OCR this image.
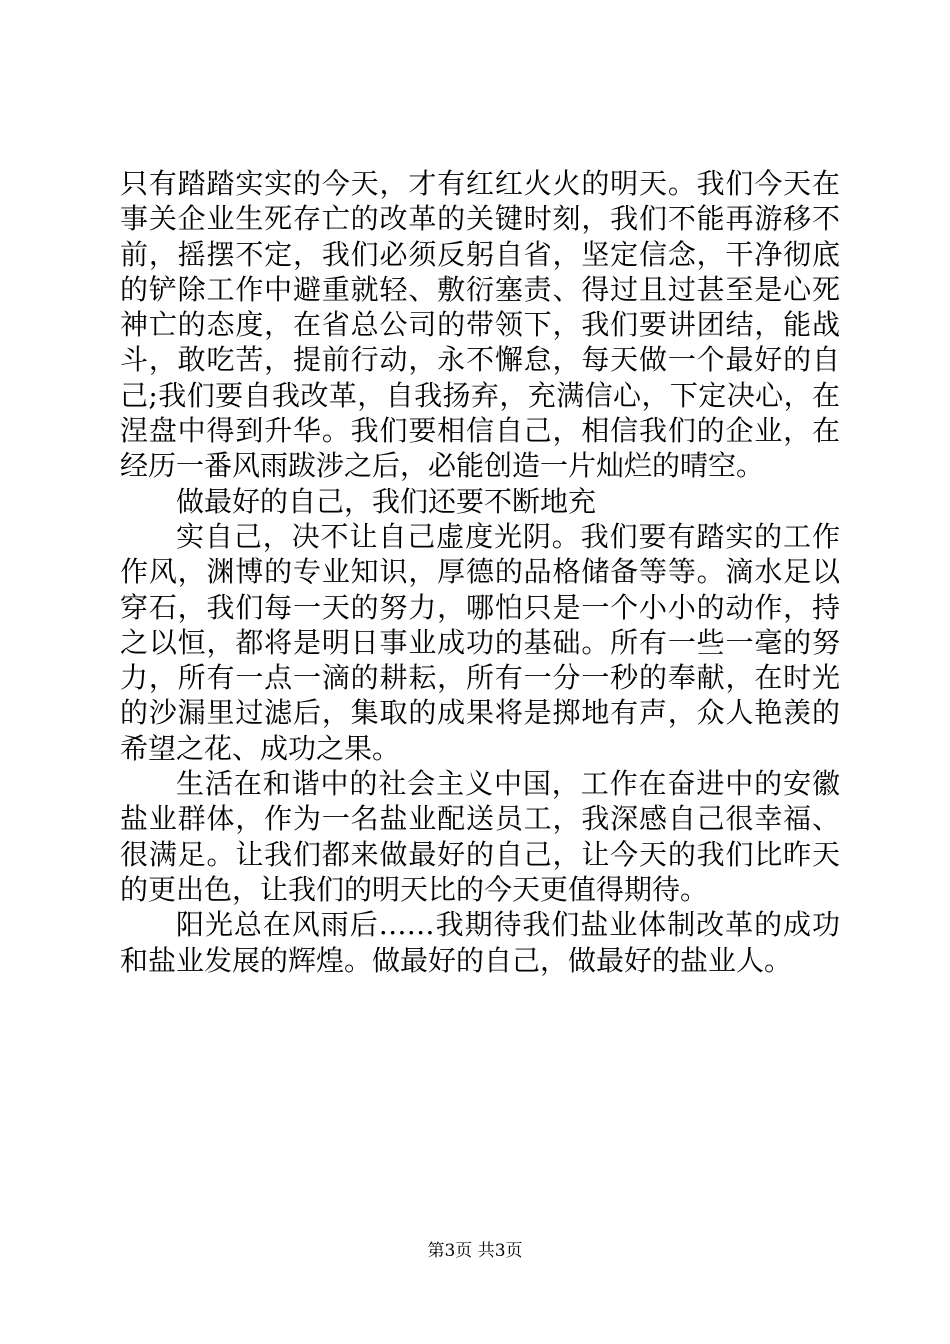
只有踏踏实实的今天，才有红红火火的明天。我们今天在事关企业生死存亡的改革的关键时刻，我们不能再游移不前，摇摆不定，我们必须反躬自省，坚定信念，干净彻底的铲除工作中避重就轻、敷衍塞责、得过且过甚至是心死神亡的态度，在省总公司的带领下，我们要讲团结，能战斗，敢吃苦，提前行动，永不懈怠，每天做一个最好的自己;我们要自我改革，自我扬弃，充满信心，下定决心，在涅盘中得到升华。我们要相信自己，相信我们的企业，在经历一番风雨跋涉之后，必能创造一片灿烂的晴空。

做最好的自己，我们还要不断地充

实自己，决不让自己虚度光阴。我们要有踏实的工作作风，渊博的专业知识，厚德的品格储备等等。滴水足以穿石，我们每一天的努力，哪怕只是一个小小的动作，持之以恒，都将是明日事业成功的基础。所有一些一毫的努力，所有一点一滴的耕耘，所有一分一秒的奉献，在时光的沙漏里过滤后，集取的成果将是掷地有声，众人艳羡的希望之花、成功之果。

生活在和谐中的社会主义中国，工作在奋进中的安徽盐业群体，作为一名盐业配送员工，我深感自己很幸福、很满足。让我们都来做最好的自己，让今天的我们比昨天的更出色，让我们的明天比的今天更值得期待。

阳光总在风雨后……我期待我们盐业体制改革的成功和盐业发展的辉煌。做最好的自己，做最好的盐业人。

第3页 共3页
